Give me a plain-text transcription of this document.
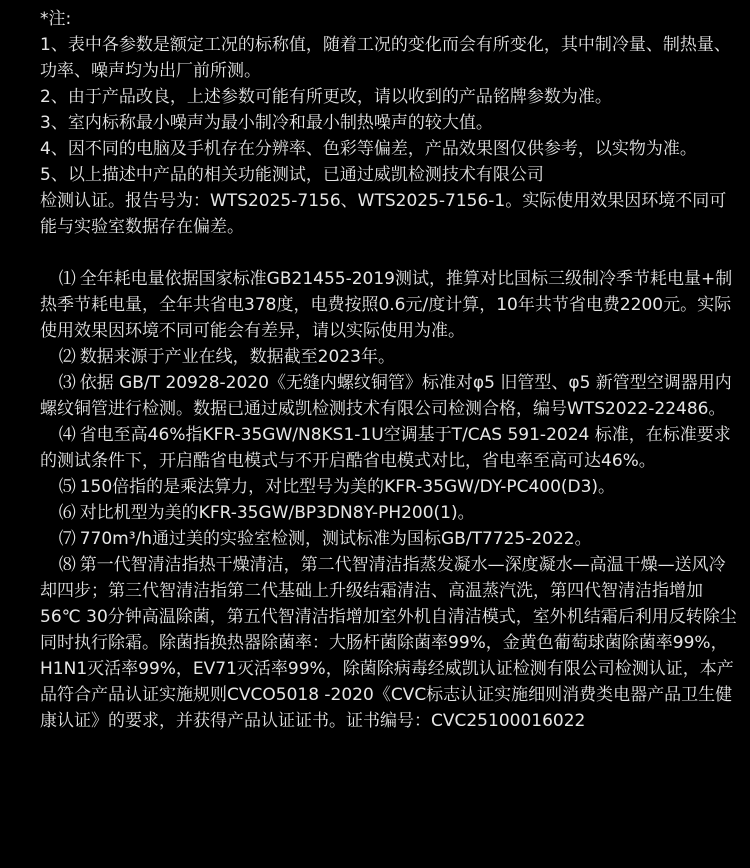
*注:

1、表中各参数是额定工况的标称值，随着工况的变化而会有所变化，其中制冷量、制热量、功率、噪声均为出厂前所测。

2、由于产品改良，上述参数可能有所更改，请以收到的产品铭牌参数为准。

3、室内标称最小噪声为最小制冷和最小制热噪声的较大值。

4、因不同的电脑及手机存在分辨率、色彩等偏差，产品效果图仅供参考，以实物为准。

5、以上描述中产品的相关功能测试，已通过威凯检测技术有限公司

检测认证。报告号为：WTS2025-7156、WTS2025-7156-1。实际使用效果因环境不同可能与实验室数据存在偏差。

⑴ 全年耗电量依据国家标准GB21455-2019测试，推算对比国标三级制冷季节耗电量+制热季节耗电量，全年共省电378度，电费按照0.6元/度计算，10年共节省电费2200元。实际使用效果因环境不同可能会有差异，请以实际使用为准。

⑵ 数据来源于产业在线，数据截至2023年。

⑶ 依据 GB/T 20928-2020《无缝内螺纹铜管》标准对φ5 旧管型、φ5 新管型空调器用内螺纹铜管进行检测。数据已通过威凯检测技术有限公司检测合格，编号WTS2022-22486。

⑷ 省电至高46%指KFR-35GW/N8KS1-1U空调基于T/CAS 591-2024 标准，在标准要求的测试条件下，开启酷省电模式与不开启酷省电模式对比，省电率至高可达46%。

⑸ 150倍指的是乘法算力，对比型号为美的KFR-35GW/DY-PC400(D3)。

⑹ 对比机型为美的KFR-35GW/BP3DN8Y-PH200(1)。

⑺ 770m³/h通过美的实验室检测，测试标准为国标GB/T7725-2022。

⑻ 第一代智清洁指热干燥清洁，第二代智清洁指蒸发凝水—深度凝水—高温干燥—送风冷却四步；第三代智清洁指第二代基础上升级结霜清洁、高温蒸汽洗，第四代智清洁指增加56℃ 30分钟高温除菌，第五代智清洁指增加室外机自清洁模式，室外机结霜后利用反转除尘同时执行除霜。除菌指换热器除菌率：大肠杆菌除菌率99%，金黄色葡萄球菌除菌率99%，H1N1灭活率99%，EV71灭活率99%，除菌除病毒经威凯认证检测有限公司检测认证，本产品符合产品认证实施规则CVCO5018 -2020《CVC标志认证实施细则消费类电器产品卫生健康认证》的要求，并获得产品认证证书。证书编号：CVC25100016022
